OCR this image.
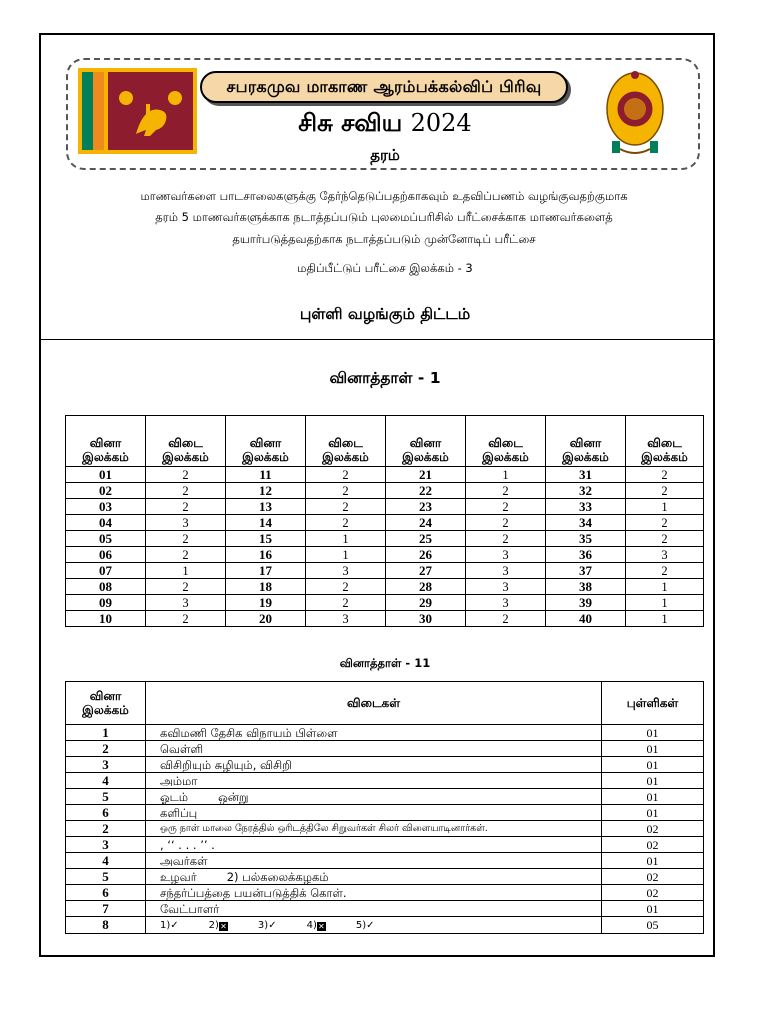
சபரகமுவ மாகாண ஆரம்பக்கல்விப் பிரிவு
சிசு சவிய 2024
தரம்
மாணவர்களை பாடசாலைகளுக்கு தேர்ந்தெடுப்பதற்காகவும் உதவிப்பணம் வழங்குவதற்குமாக
தரம் 5 மாணவர்களுக்காக நடாத்தப்படும் புலமைப்பரிசில் பரீட்சைக்காக மாணவர்களைத்
தயார்படுத்தவதற்காக நடாத்தப்படும் முன்னோடிப் பரீட்சை
மதிப்பீட்டுப் பரீட்சை இலக்கம் - 3
புள்ளி வழங்கும் திட்டம்
வினாத்தாள் - 1
வினா இலக்கம்	விடை இலக்கம்	வினா இலக்கம்	விடை இலக்கம்	வினா இலக்கம்	விடை இலக்கம்	வினா இலக்கம்	விடை இலக்கம்
01	2	11	2	21	1	31	2
02	2	12	2	22	2	32	2
03	2	13	2	23	2	33	1
04	3	14	2	24	2	34	2
05	2	15	1	25	2	35	2
06	2	16	1	26	3	36	3
07	1	17	3	27	3	37	2
08	2	18	2	28	3	38	1
09	3	19	2	29	3	39	1
10	2	20	3	30	2	40	1
வினாத்தாள் - 11
வினா இலக்கம்	விடைகள்	புள்ளிகள்
1	கவிமணி தேசிக விநாயம் பிள்ளை	01
2	வெள்ளி	01
3	விசிறியும் சுழியும், விசிறி	01
4	அம்மா	01
5	ஓடம் ஒன்று	01
6	களிப்பு	01
2	ஒரு நாள் மாலை நேரத்தில் ஒரிடத்திலே சிறுவர்கள் சிலர் விளையாடினார்கள்.	02
3	, ‘‘ . . . ’’ .	02
4	அவர்கள்	01
5	உழவர் 2) பல்கலைக்கழகம்	02
6	சந்தர்ப்பத்தை பயன்படுத்திக் கொள்.	02
7	வேட்பாளர்	01
8	1)✓ 2)✕ 3)✓ 4)✕ 5)✓	05
